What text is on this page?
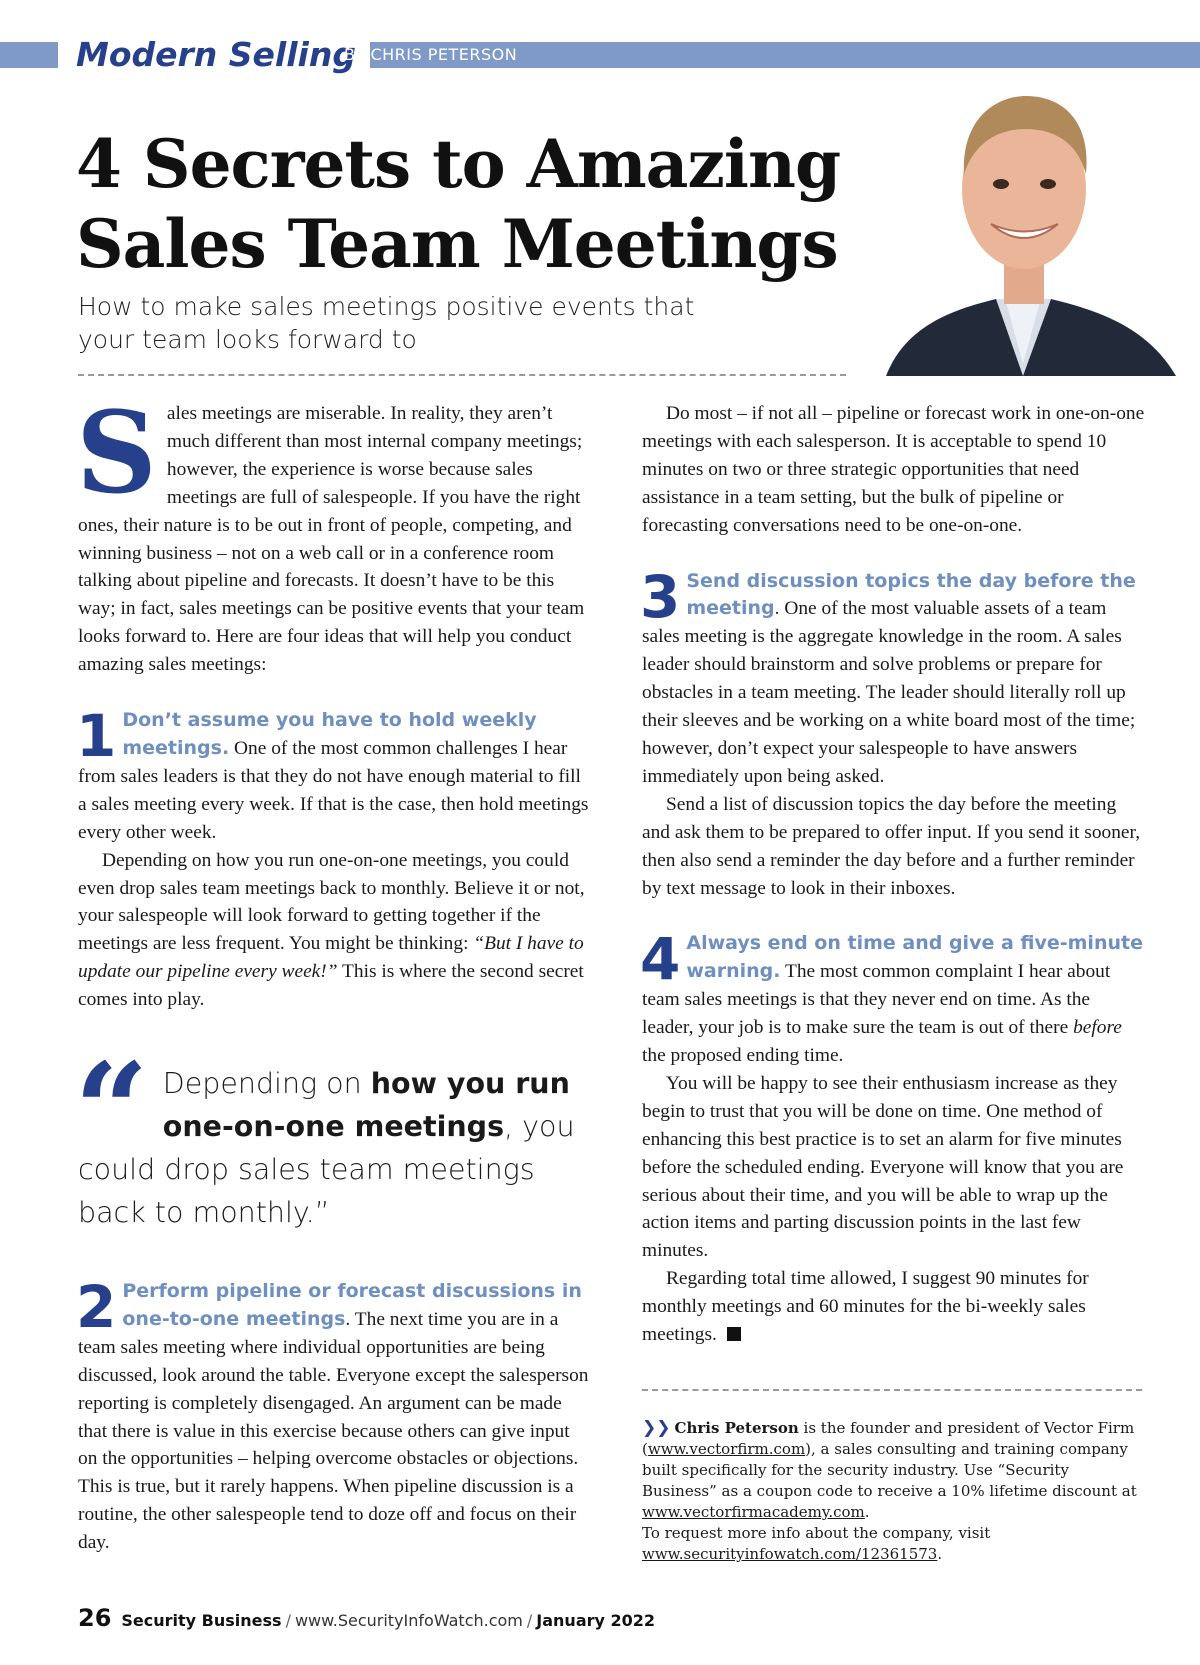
Modern Selling
BY CHRIS PETERSON
4 Secrets to Amazing
Sales Team Meetings
How to make sales meetings positive events that
your team looks forward to

Sales meetings are miserable. In reality, they aren’t much different than most internal company meetings; however, the experience is worse because sales meetings are full of salespeople. If you have the right ones, their nature is to be out in front of people, competing, and winning business – not on a web call or in a conference room talking about pipeline and forecasts. It doesn’t have to be this way; in fact, sales meetings can be positive events that your team looks forward to. Here are four ideas that will help you conduct amazing sales meetings:

1 Don’t assume you have to hold weekly meetings. One of the most common challenges I hear from sales leaders is that they do not have enough material to fill a sales meeting every week. If that is the case, then hold meetings every other week.

Depending on how you run one-on-one meetings, you could even drop sales team meetings back to monthly. Believe it or not, your salespeople will look forward to getting together if the meetings are less frequent. You might be thinking: “But I have to update our pipeline every week!” This is where the second secret comes into play.

“ Depending on how you run one-on-one meetings, you could drop sales team meetings back to monthly.”

2 Perform pipeline or forecast discussions in one-to-one meetings. The next time you are in a team sales meeting where individual opportunities are being discussed, look around the table. Everyone except the salesperson reporting is completely disengaged. An argument can be made that there is value in this exercise because others can give input on the opportunities – helping overcome obstacles or objections. This is true, but it rarely happens. When pipeline discussion is a routine, the other salespeople tend to doze off and focus on their day.

Do most – if not all – pipeline or forecast work in one-on-one meetings with each salesperson. It is acceptable to spend 10 minutes on two or three strategic opportunities that need assistance in a team setting, but the bulk of pipeline or forecasting conversations need to be one-on-one.

3 Send discussion topics the day before the meeting. One of the most valuable assets of a team sales meeting is the aggregate knowledge in the room. A sales leader should brainstorm and solve problems or prepare for obstacles in a team meeting. The leader should literally roll up their sleeves and be working on a white board most of the time; however, don’t expect your salespeople to have answers immediately upon being asked.

Send a list of discussion topics the day before the meeting and ask them to be prepared to offer input. If you send it sooner, then also send a reminder the day before and a further reminder by text message to look in their inboxes.

4 Always end on time and give a five-minute warning. The most common complaint I hear about team sales meetings is that they never end on time. As the leader, your job is to make sure the team is out of there before the proposed ending time.

You will be happy to see their enthusiasm increase as they begin to trust that you will be done on time. One method of enhancing this best practice is to set an alarm for five minutes before the scheduled ending. Everyone will know that you are serious about their time, and you will be able to wrap up the action items and parting discussion points in the last few minutes.

Regarding total time allowed, I suggest 90 minutes for monthly meetings and 60 minutes for the bi-weekly sales meetings.

❯❯ Chris Peterson is the founder and president of Vector Firm (www.vectorfirm.com), a sales consulting and training company built specifically for the security industry. Use “Security Business” as a coupon code to receive a 10% lifetime discount at www.vectorfirmacademy.com.
To request more info about the company, visit
www.securityinfowatch.com/12361573.
26 Security Business / www.SecurityInfoWatch.com / January 2022
